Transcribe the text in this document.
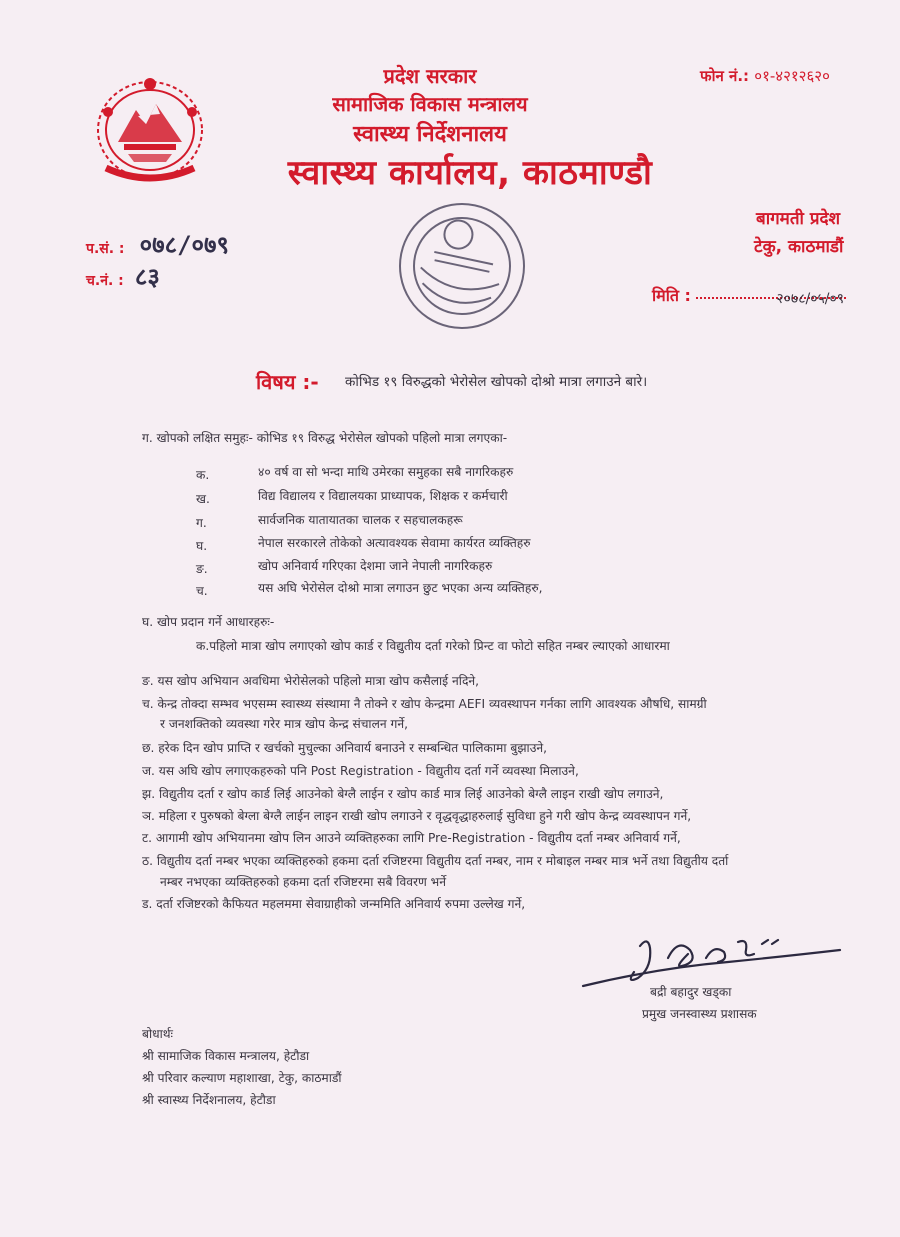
प्रदेश सरकार
सामाजिक विकास मन्त्रालय
स्वास्थ्य निर्देशनालय
स्वास्थ्य कार्यालय, काठमाण्डौ
फोन नं.: ०१-४२१२६२०
प.सं. : ०७८/०७९
च.नं. : ८३
बागमती प्रदेश
टेकु, काठमाडौं
मिति :	२०७८/०५/०९
विषय :- कोभिड १९ विरुद्धको भेरोसेल खोपको दोश्रो मात्रा लगाउने बारे।
ग. खोपको लक्षित समुहः- कोभिड १९ विरुद्ध भेरोसेल खोपको पहिलो मात्रा लगएका-
क.	४० वर्ष वा सो भन्दा माथि उमेरका समुहका सबै नागरिकहरु
ख.	विद्य विद्यालय र विद्यालयका प्राध्यापक, शिक्षक र कर्मचारी
ग.	सार्वजनिक यातायातका चालक र सहचालकहरू
घ.	नेपाल सरकारले तोकेको अत्यावश्यक सेवामा कार्यरत व्यक्तिहरु
ङ.	खोप अनिवार्य गरिएका देशमा जाने नेपाली नागरिकहरु
च.	यस अघि भेरोसेल दोश्रो मात्रा लगाउन छुट भएका अन्य व्यक्तिहरु,
घ. खोप प्रदान गर्ने आधारहरुः-
क.पहिलो मात्रा खोप लगाएको खोप कार्ड र विद्युतीय दर्ता गरेको प्रिन्ट वा फोटो सहित नम्बर ल्याएको आधारमा
ङ. यस खोप अभियान अवधिमा भेरोसेलको पहिलो मात्रा खोप कसैलाई नदिने,
च. केन्द्र तोक्दा सम्भव भएसम्म स्वास्थ्य संस्थामा नै तोक्ने र खोप केन्द्रमा AEFI व्यवस्थापन गर्नका लागि आवश्यक औषधि, सामग्री
र जनशक्तिको व्यवस्था गरेर मात्र खोप केन्द्र संचालन गर्ने,
छ. हरेक दिन खोप प्राप्ति र खर्चको मुचुल्का अनिवार्य बनाउने र सम्बन्धित पालिकामा बुझाउने,
ज. यस अघि खोप लगाएकहरुको पनि Post Registration - विद्युतीय दर्ता गर्ने व्यवस्था मिलाउने,
झ. विद्युतीय दर्ता र खोप कार्ड लिई आउनेको बेग्लै लाईन र खोप कार्ड मात्र लिई आउनेको बेग्लै लाइन राखी खोप लगाउने,
ञ. महिला र पुरुषको बेग्ला बेग्लै लाईन लाइन राखी खोप लगाउने र वृद्धवृद्धाहरुलाई सुविधा हुने गरी खोप केन्द्र व्यवस्थापन गर्ने,
ट. आगामी खोप अभियानमा खोप लिन आउने व्यक्तिहरुका लागि Pre-Registration - विद्युतीय दर्ता नम्बर अनिवार्य गर्ने,
ठ. विद्युतीय दर्ता नम्बर भएका व्यक्तिहरुको हकमा दर्ता रजिष्टरमा विद्युतीय दर्ता नम्बर, नाम र मोबाइल नम्बर मात्र भर्ने तथा विद्युतीय दर्ता
नम्बर नभएका व्यक्तिहरुको हकमा दर्ता रजिष्टरमा सबै विवरण भर्ने
ड. दर्ता रजिष्टरको कैफियत महलममा सेवाग्राहीको जन्ममिति अनिवार्य रुपमा उल्लेख गर्ने,
बद्री बहादुर खड्का
प्रमुख जनस्वास्थ्य प्रशासक
बोधार्थः
श्री सामाजिक विकास मन्त्रालय, हेटौडा
श्री परिवार कल्याण महाशाखा, टेकु, काठमाडौं
श्री स्वास्थ्य निर्देशनालय, हेटौडा
